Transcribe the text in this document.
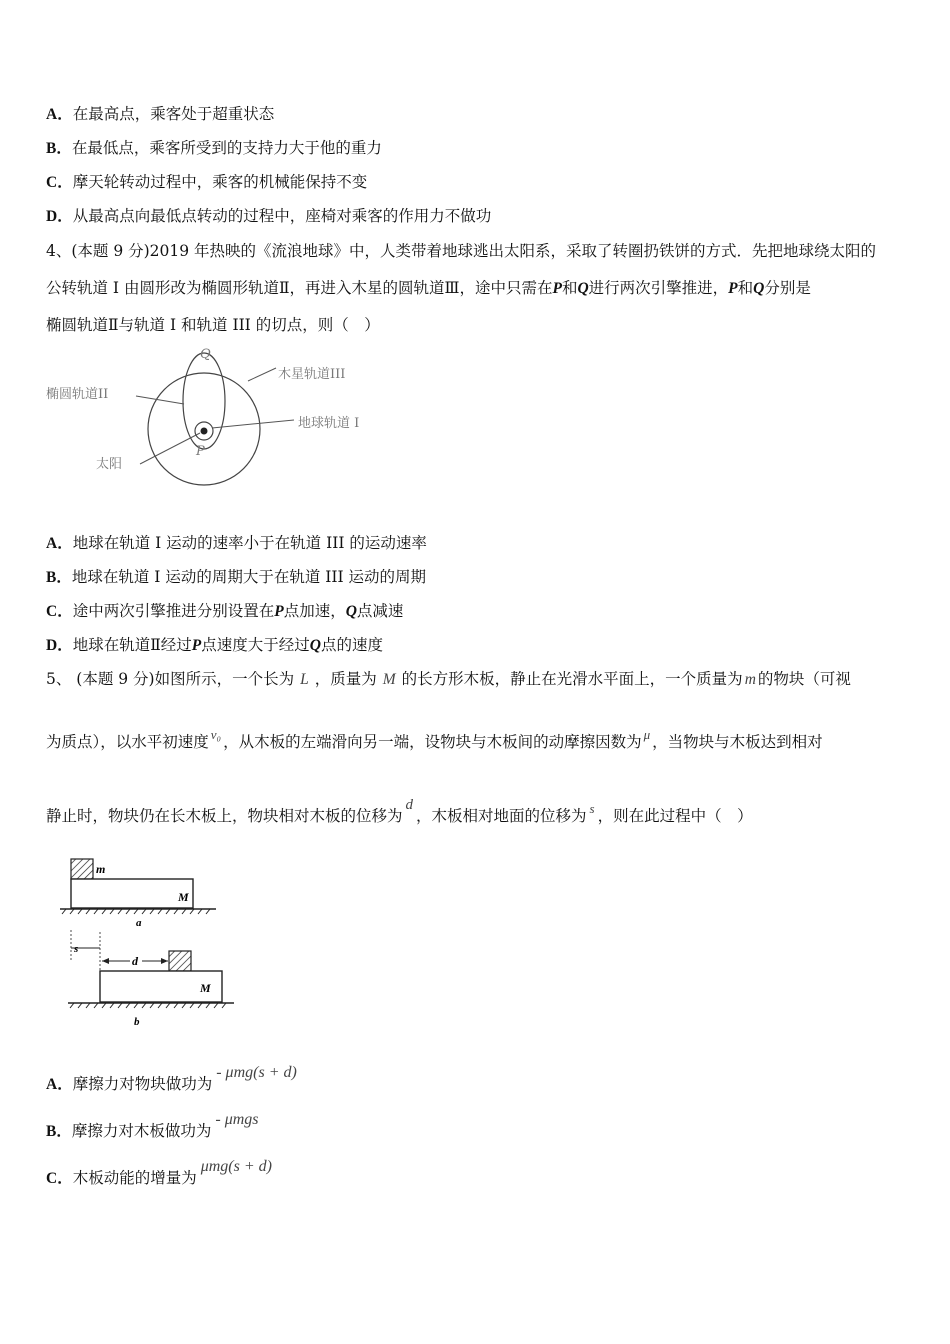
A．在最高点，乘客处于超重状态
B．在最低点，乘客所受到的支持力大于他的重力
C．摩天轮转动过程中，乘客的机械能保持不变
D．从最高点向最低点转动的过程中，座椅对乘客的作用力不做功
4、(本题 9 分)2019 年热映的《流浪地球》中，人类带着地球逃出太阳系，采取了转圈扔铁饼的方式．先把地球绕太阳的
公转轨道 I 由圆形改为椭圆形轨道Ⅱ，再进入木星的圆轨道Ⅲ，途中只需在P和Q进行两次引擎推进，P和Q分别是
椭圆轨道Ⅱ与轨道 I 和轨道 III 的切点，则（　）
Q
P
木星轨道III
椭圆轨道II
地球轨道 I
太阳
A．地球在轨道 I 运动的速率小于在轨道 III 的运动速率
B．地球在轨道 I 运动的周期大于在轨道 III 运动的周期
C．途中两次引擎推进分别设置在P点加速，Q点减速
D．地球在轨道Ⅱ经过P点速度大于经过Q点的速度
5、 (本题 9 分)如图所示，一个长为 L ，质量为 M 的长方形木板，静止在光滑水平面上，一个质量为 m 的物块（可视
为质点），以水平初速度 $^{v_0}$ ，从木板的左端滑向另一端，设物块与木板间的动摩擦因数为 $^\mu$ ，当物块与木板达到相对
静止时，物块仍在长木板上，物块相对木板的位移为d，木板相对地面的位移为 $^s$ ，则在此过程中（　）
m
M
a
s
d
M
b
A．摩擦力对物块做功为- μmg(s + d)
B．摩擦力对木板做功为- μmgs
C．木板动能的增量为μmg(s + d)
